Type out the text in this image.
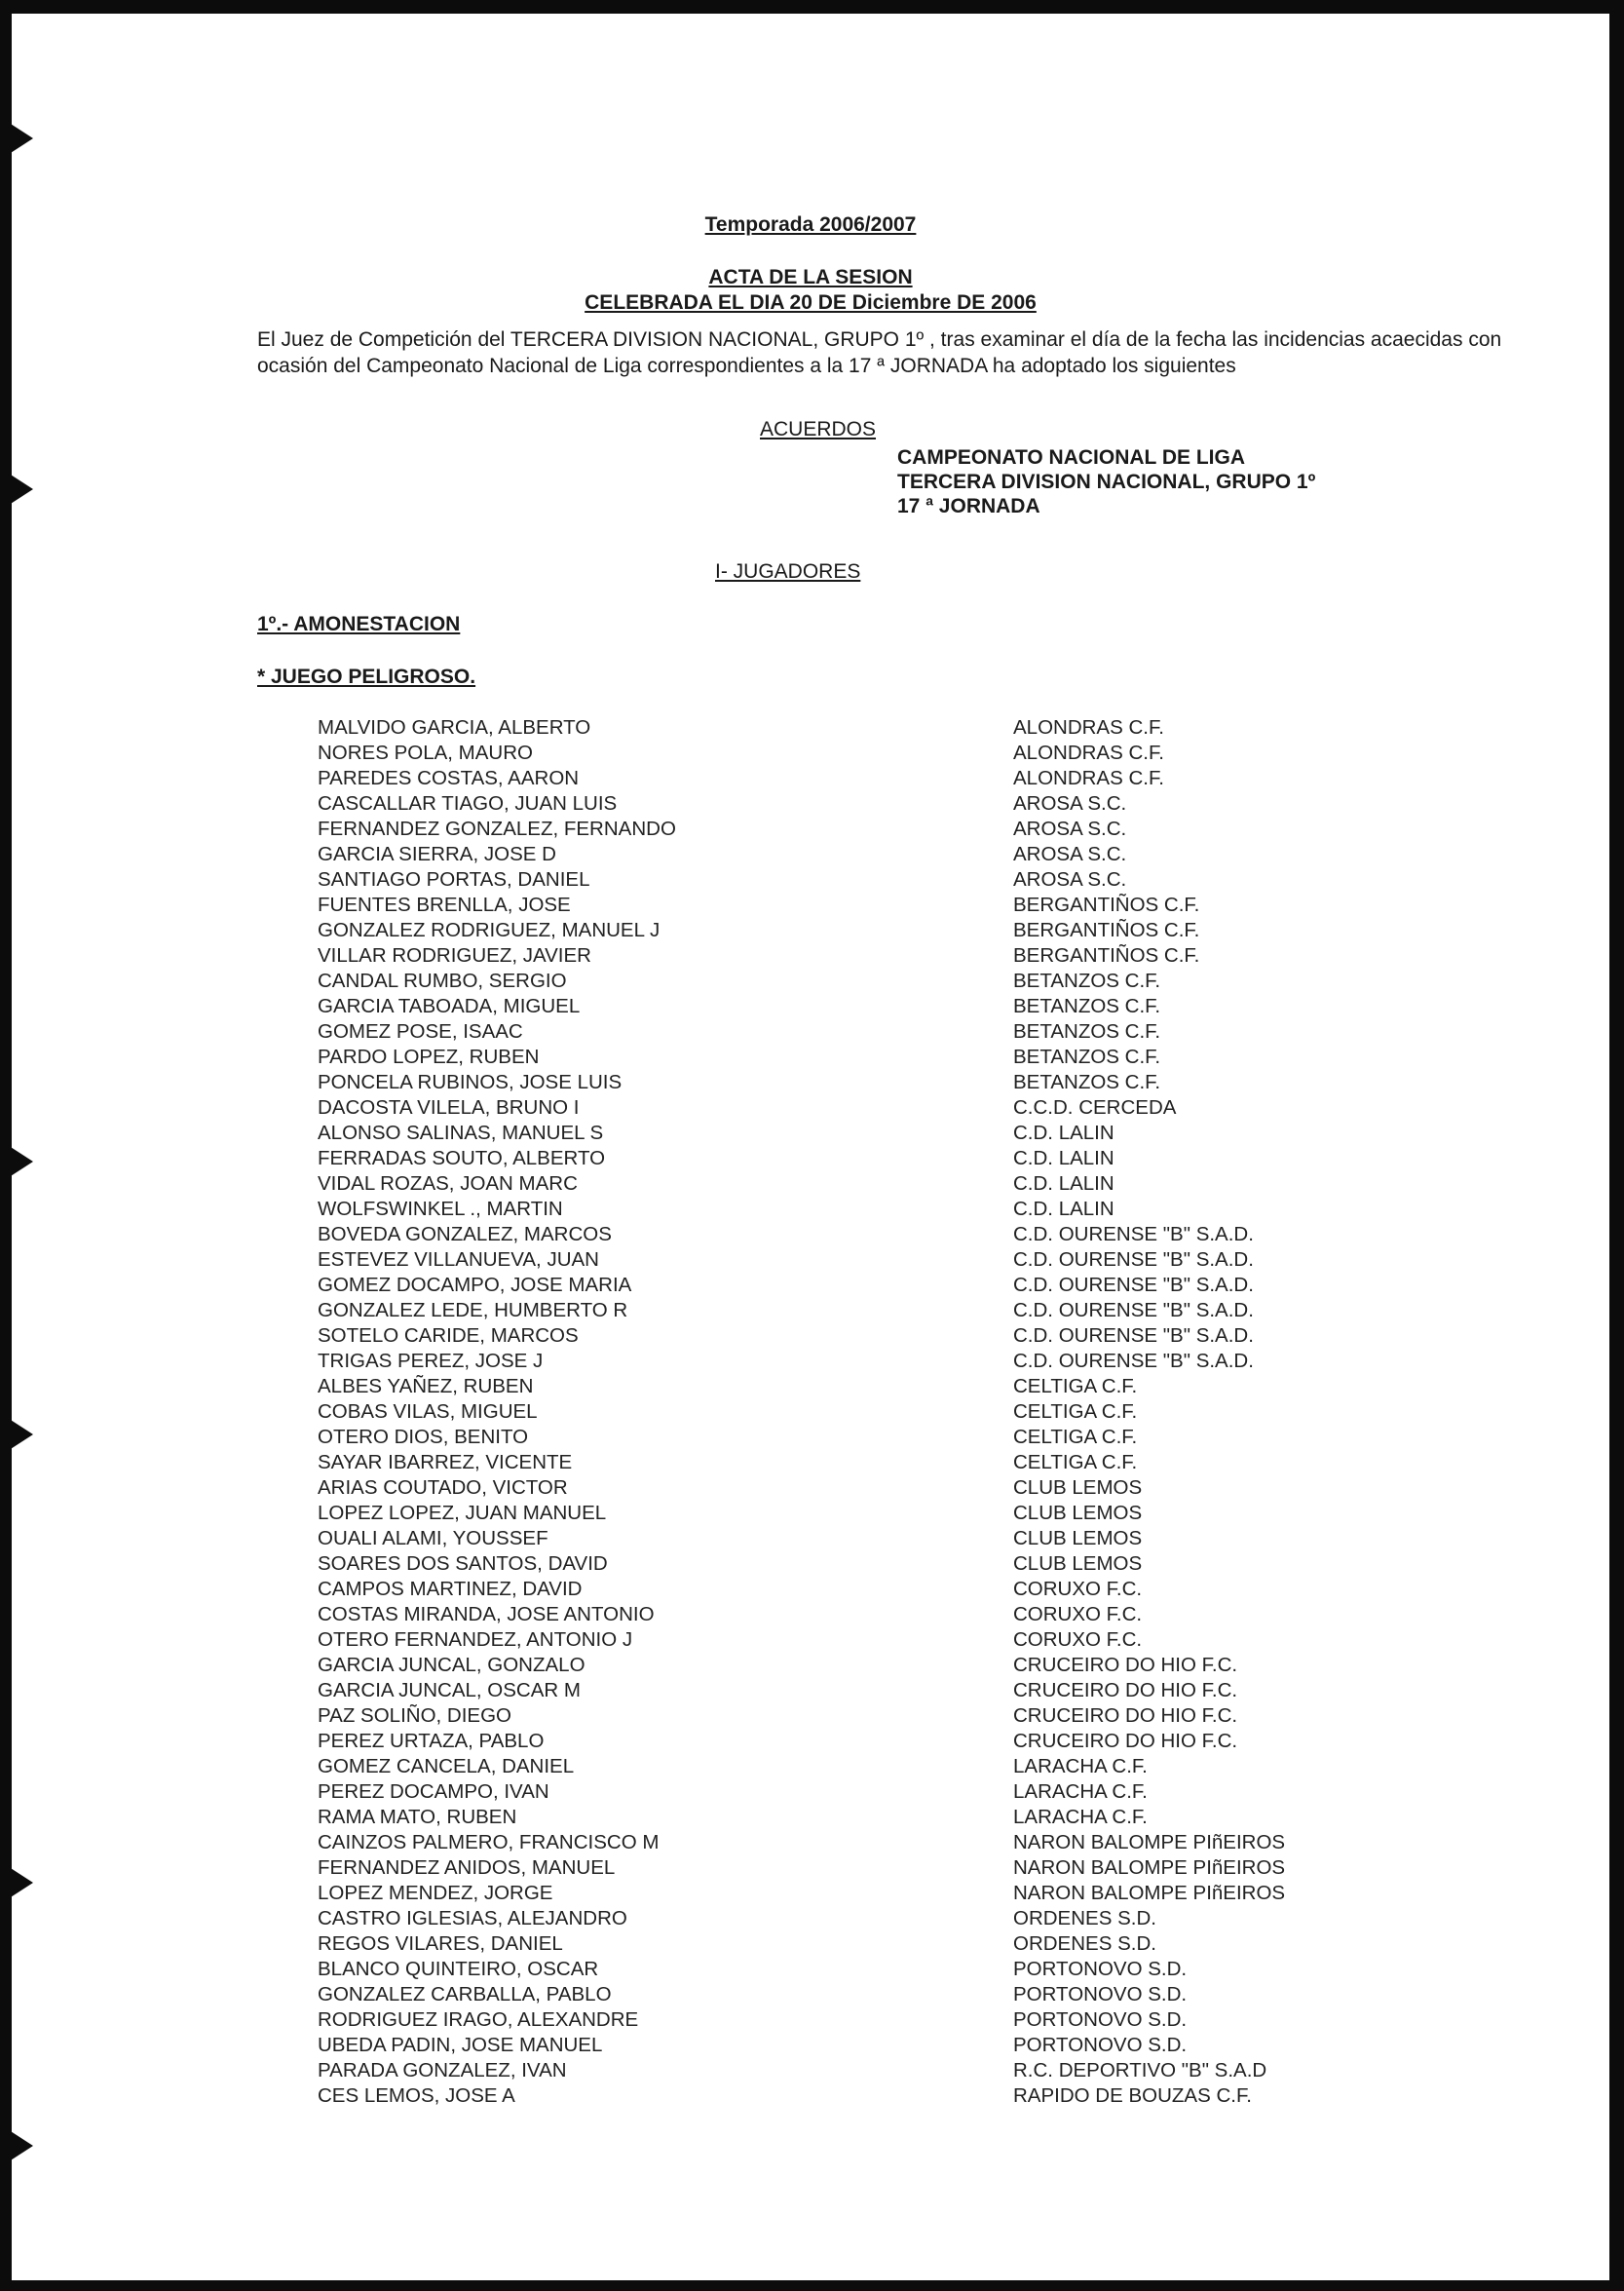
Temporada 2006/2007
ACTA DE LA SESION
CELEBRADA EL DIA 20 DE Diciembre DE 2006
El Juez de Competición del TERCERA DIVISION NACIONAL, GRUPO 1º , tras examinar el día de la fecha las incidencias acaecidas con ocasión del Campeonato Nacional de Liga correspondientes a la 17 ª JORNADA ha adoptado los siguientes
ACUERDOS
CAMPEONATO NACIONAL DE LIGA
TERCERA DIVISION NACIONAL, GRUPO 1º
17 ª JORNADA
I- JUGADORES
1º.- AMONESTACION
* JUEGO PELIGROSO.
MALVIDO GARCIA, ALBERTO	ALONDRAS C.F.
NORES POLA, MAURO	ALONDRAS C.F.
PAREDES COSTAS, AARON	ALONDRAS C.F.
CASCALLAR TIAGO, JUAN LUIS	AROSA S.C.
FERNANDEZ GONZALEZ, FERNANDO	AROSA S.C.
GARCIA SIERRA, JOSE D	AROSA S.C.
SANTIAGO PORTAS, DANIEL	AROSA S.C.
FUENTES BRENLLA, JOSE	BERGANTIÑOS C.F.
GONZALEZ RODRIGUEZ, MANUEL J	BERGANTIÑOS C.F.
VILLAR RODRIGUEZ, JAVIER	BERGANTIÑOS C.F.
CANDAL RUMBO, SERGIO	BETANZOS C.F.
GARCIA TABOADA, MIGUEL	BETANZOS C.F.
GOMEZ POSE, ISAAC	BETANZOS C.F.
PARDO LOPEZ, RUBEN	BETANZOS C.F.
PONCELA RUBINOS, JOSE LUIS	BETANZOS C.F.
DACOSTA VILELA, BRUNO I	C.C.D. CERCEDA
ALONSO SALINAS, MANUEL S	C.D. LALIN
FERRADAS SOUTO, ALBERTO	C.D. LALIN
VIDAL ROZAS, JOAN MARC	C.D. LALIN
WOLFSWINKEL ., MARTIN	C.D. LALIN
BOVEDA GONZALEZ, MARCOS	C.D. OURENSE "B" S.A.D.
ESTEVEZ VILLANUEVA, JUAN	C.D. OURENSE "B" S.A.D.
GOMEZ DOCAMPO, JOSE MARIA	C.D. OURENSE "B" S.A.D.
GONZALEZ LEDE, HUMBERTO R	C.D. OURENSE "B" S.A.D.
SOTELO CARIDE, MARCOS	C.D. OURENSE "B" S.A.D.
TRIGAS PEREZ, JOSE J	C.D. OURENSE "B" S.A.D.
ALBES YAÑEZ, RUBEN	CELTIGA C.F.
COBAS VILAS, MIGUEL	CELTIGA C.F.
OTERO DIOS, BENITO	CELTIGA C.F.
SAYAR IBARREZ, VICENTE	CELTIGA C.F.
ARIAS COUTADO, VICTOR	CLUB LEMOS
LOPEZ LOPEZ, JUAN MANUEL	CLUB LEMOS
OUALI ALAMI, YOUSSEF	CLUB LEMOS
SOARES DOS SANTOS, DAVID	CLUB LEMOS
CAMPOS MARTINEZ, DAVID	CORUXO F.C.
COSTAS MIRANDA, JOSE ANTONIO	CORUXO F.C.
OTERO FERNANDEZ, ANTONIO J	CORUXO F.C.
GARCIA JUNCAL, GONZALO	CRUCEIRO DO HIO F.C.
GARCIA JUNCAL, OSCAR M	CRUCEIRO DO HIO F.C.
PAZ SOLIÑO, DIEGO	CRUCEIRO DO HIO F.C.
PEREZ URTAZA, PABLO	CRUCEIRO DO HIO F.C.
GOMEZ CANCELA, DANIEL	LARACHA C.F.
PEREZ DOCAMPO, IVAN	LARACHA C.F.
RAMA MATO, RUBEN	LARACHA C.F.
CAINZOS PALMERO, FRANCISCO M	NARON BALOMPE PIñEIROS
FERNANDEZ ANIDOS, MANUEL	NARON BALOMPE PIñEIROS
LOPEZ MENDEZ, JORGE	NARON BALOMPE PIñEIROS
CASTRO IGLESIAS, ALEJANDRO	ORDENES S.D.
REGOS VILARES, DANIEL	ORDENES S.D.
BLANCO QUINTEIRO, OSCAR	PORTONOVO S.D.
GONZALEZ CARBALLA, PABLO	PORTONOVO S.D.
RODRIGUEZ IRAGO, ALEXANDRE	PORTONOVO S.D.
UBEDA PADIN, JOSE MANUEL	PORTONOVO S.D.
PARADA GONZALEZ, IVAN	R.C. DEPORTIVO "B" S.A.D
CES LEMOS, JOSE A	RAPIDO DE BOUZAS C.F.
